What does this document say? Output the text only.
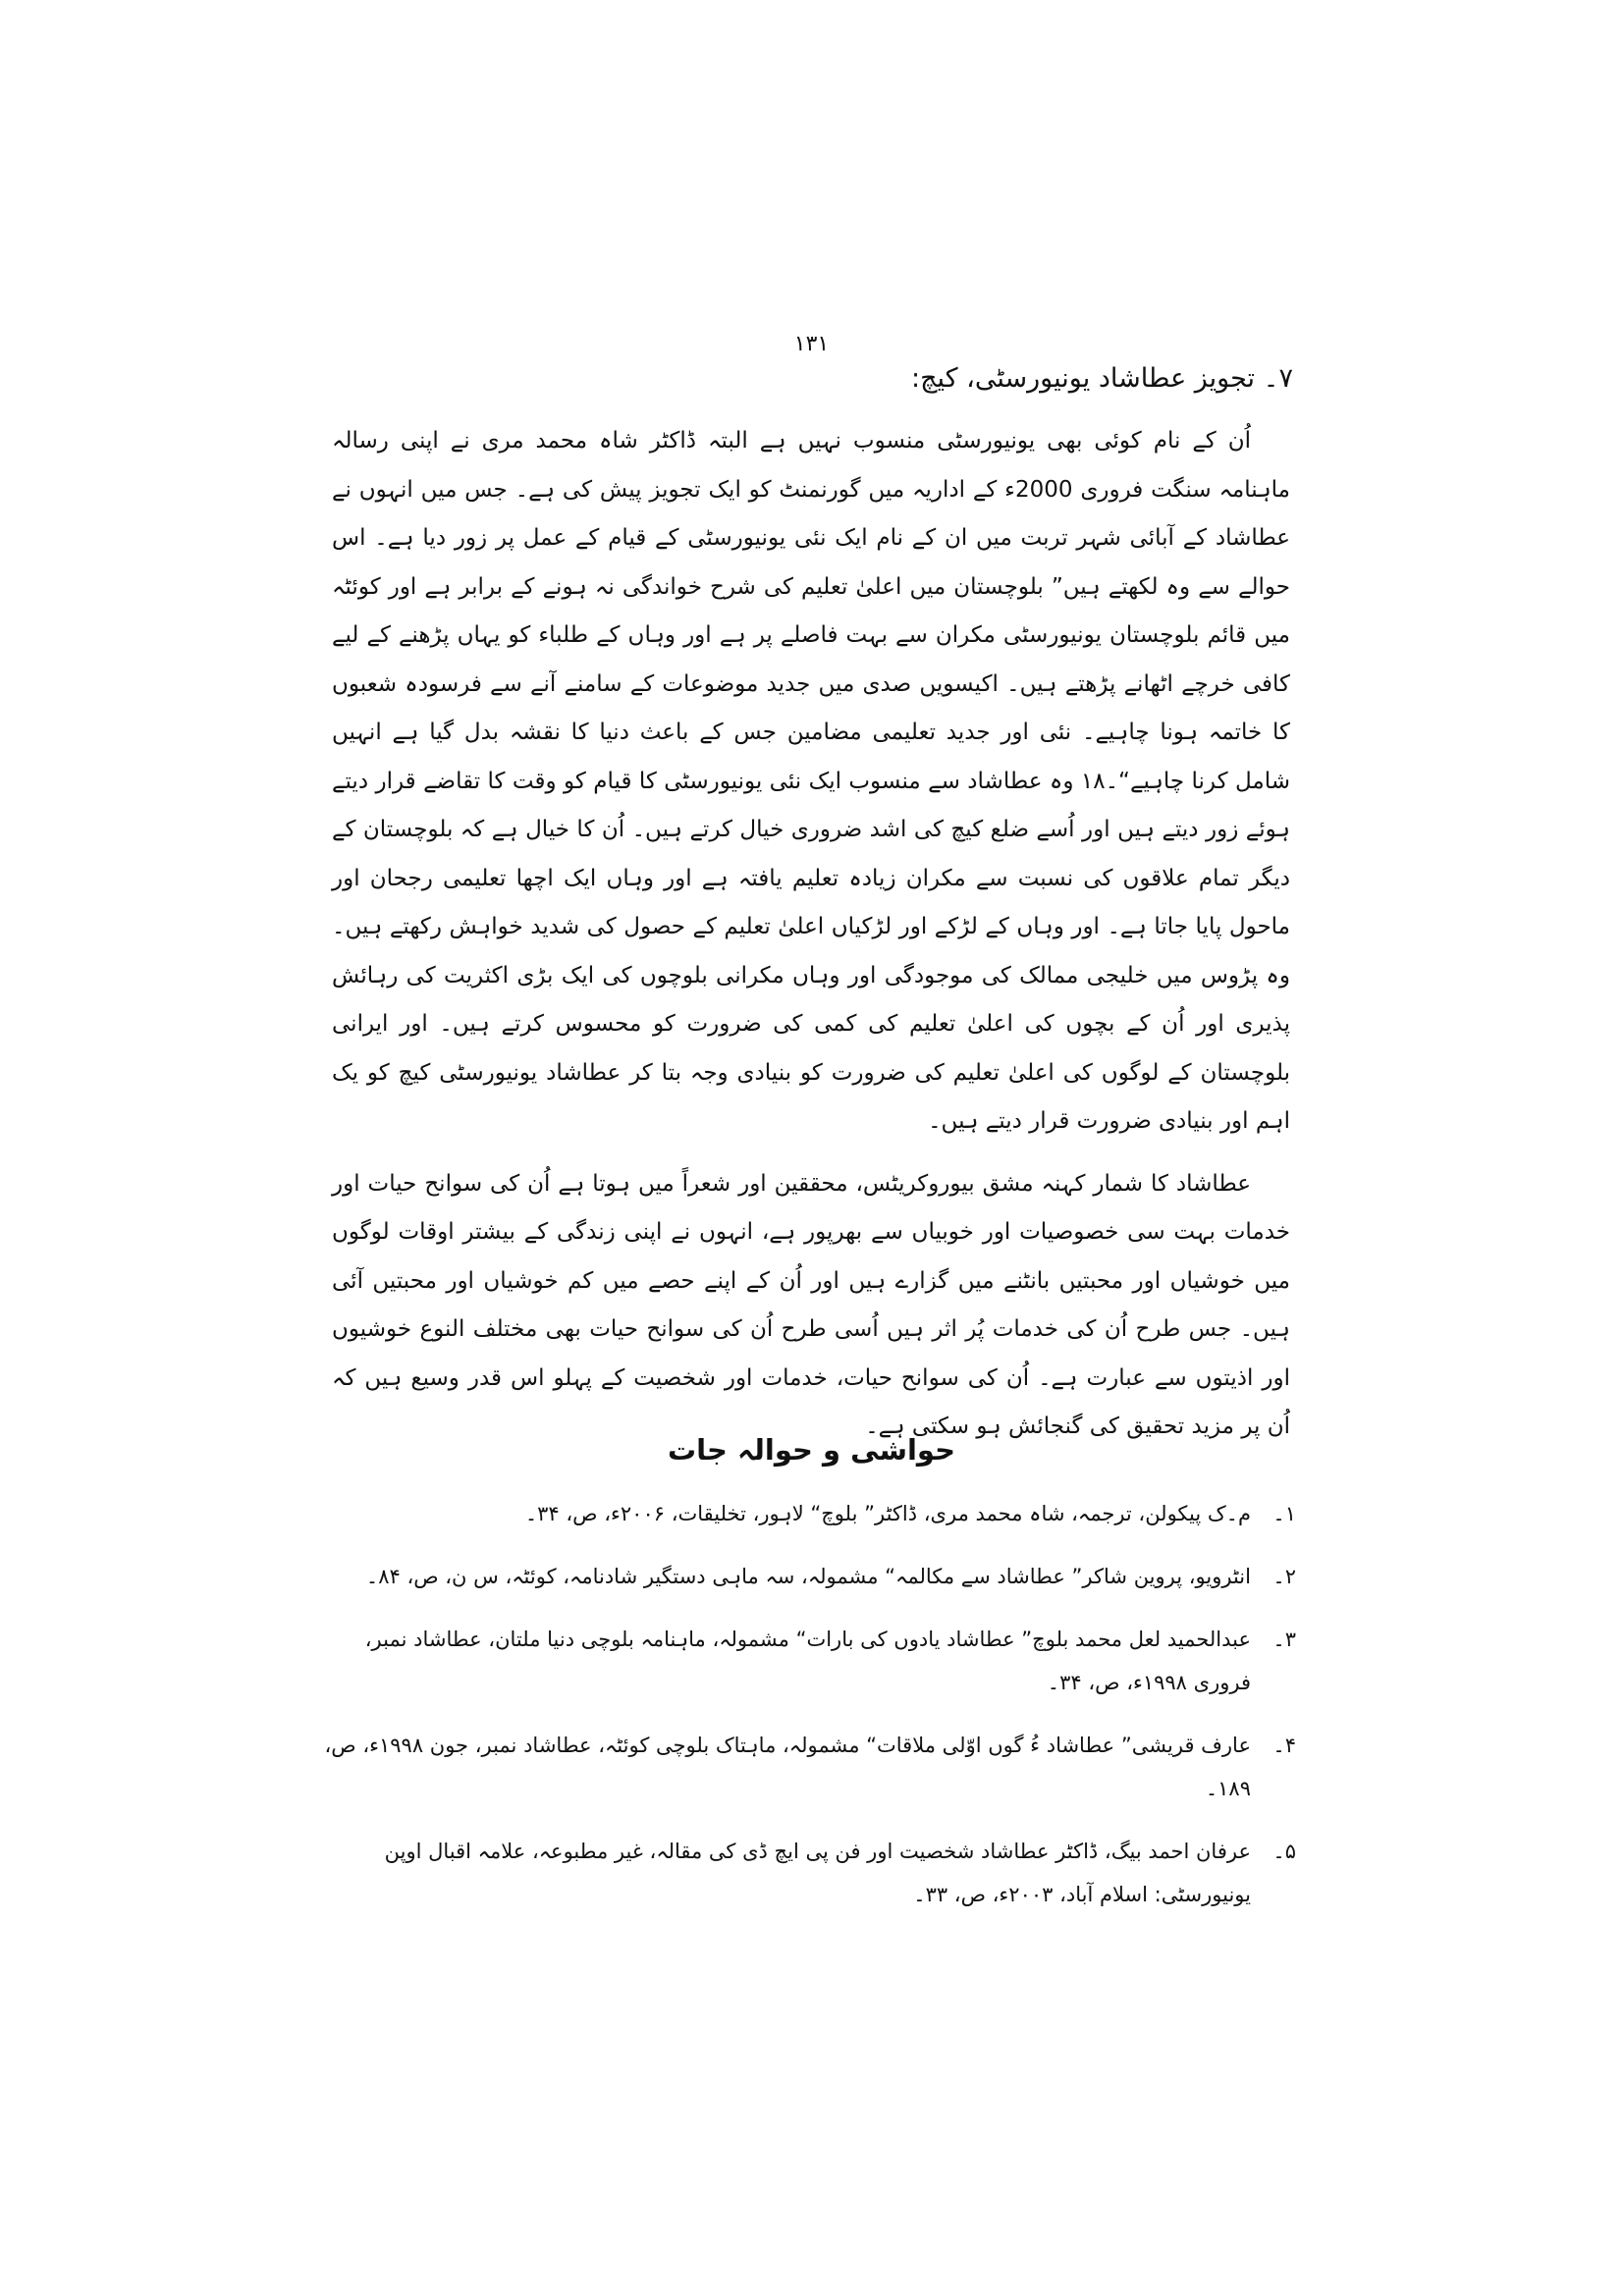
١٣١
۷۔ تجویز عطاشاد یونیورسٹی، کیچ:

اُن کے نام کوئی بھی یونیورسٹی منسوب نہیں ہے البتہ ڈاکٹر شاہ محمد مری نے اپنی رسالہ ماہنامہ سنگت فروری 2000ء کے اداریہ میں گورنمنٹ کو ایک تجویز پیش کی ہے۔ جس میں انہوں نے عطاشاد کے آبائی شہر تربت میں ان کے نام ایک نئی یونیورسٹی کے قیام کے عمل پر زور دیا ہے۔ اس حوالے سے وہ لکھتے ہیں” بلوچستان میں اعلیٰ تعلیم کی شرح خواندگی نہ ہونے کے برابر ہے اور کوئٹہ میں قائم بلوچستان یونیورسٹی مکران سے بہت فاصلے پر ہے اور وہاں کے طلباء کو یہاں پڑھنے کے لیے کافی خرچے اٹھانے پڑھتے ہیں۔ اکیسویں صدی میں جدید موضوعات کے سامنے آنے سے فرسودہ شعبوں کا خاتمہ ہونا چاہیے۔ نئی اور جدید تعلیمی مضامین جس کے باعث دنیا کا نقشہ بدل گیا ہے انہیں شامل کرنا چاہیے“۔۱۸ وہ عطاشاد سے منسوب ایک نئی یونیورسٹی کا قیام کو وقت کا تقاضے قرار دیتے ہوئے زور دیتے ہیں اور اُسے ضلع کیچ کی اشد ضروری خیال کرتے ہیں۔ اُن کا خیال ہے کہ بلوچستان کے دیگر تمام علاقوں کی نسبت سے مکران زیادہ تعلیم یافتہ ہے اور وہاں ایک اچھا تعلیمی رجحان اور ماحول پایا جاتا ہے۔ اور وہاں کے لڑکے اور لڑکیاں اعلیٰ تعلیم کے حصول کی شدید خواہش رکھتے ہیں۔ وہ پڑوس میں خلیجی ممالک کی موجودگی اور وہاں مکرانی بلوچوں کی ایک بڑی اکثریت کی رہائش پذیری اور اُن کے بچوں کی اعلیٰ تعلیم کی کمی کی ضرورت کو محسوس کرتے ہیں۔ اور ایرانی بلوچستان کے لوگوں کی اعلیٰ تعلیم کی ضرورت کو بنیادی وجہ بتا کر عطاشاد یونیورسٹی کیچ کو یک اہم اور بنیادی ضرورت قرار دیتے ہیں۔

عطاشاد کا شمار کہنہ مشق بیوروکریٹس، محققین اور شعراً میں ہوتا ہے اُن کی سوانح حیات اور خدمات بہت سی خصوصیات اور خوبیاں سے بھرپور ہے، انہوں نے اپنی زندگی کے بیشتر اوقات لوگوں میں خوشیاں اور محبتیں بانٹنے میں گزارے ہیں اور اُن کے اپنے حصے میں کم خوشیاں اور محبتیں آئی ہیں۔ جس طرح اُن کی خدمات پُر اثر ہیں اُسی طرح اُن کی سوانح حیات بھی مختلف النوع خوشیوں اور اذیتوں سے عبارت ہے۔ اُن کی سوانح حیات، خدمات اور شخصیت کے پہلو اس قدر وسیع ہیں کہ اُن پر مزید تحقیق کی گنجائش ہو سکتی ہے۔

حواشی و حوالہ جات
۱۔
م۔ک پیکولن، ترجمہ، شاہ محمد مری، ڈاکٹر” بلوچ“ لاہور، تخلیقات، ۲۰۰۶ء، ص، ۳۴۔
۲۔
انٹرویو، پروین شاکر” عطاشاد سے مکالمہ“ مشمولہ، سہ ماہی دستگیر شادنامہ، کوئٹہ، س ن، ص، ۸۴۔
۳۔
عبدالحمید لعل محمد بلوچ” عطاشاد یادوں کی بارات“ مشمولہ، ماہنامہ بلوچی دنیا ملتان، عطاشاد نمبر، فروری ۱۹۹۸ء، ص، ۳۴۔
۴۔
عارف قریشی” عطاشاد ءُ گوں اوّلی ملاقات“ مشمولہ، ماہتاک بلوچی کوئٹہ، عطاشاد نمبر، جون ۱۹۹۸ء، ص، ۱۸۹۔
۵۔
عرفان احمد بیگ، ڈاکٹر عطاشاد شخصیت اور فن پی ایچ ڈی کی مقالہ، غیر مطبوعہ، علامہ اقبال اوپن یونیورسٹی: اسلام آباد، ۲۰۰۳ء، ص، ۳۳۔
